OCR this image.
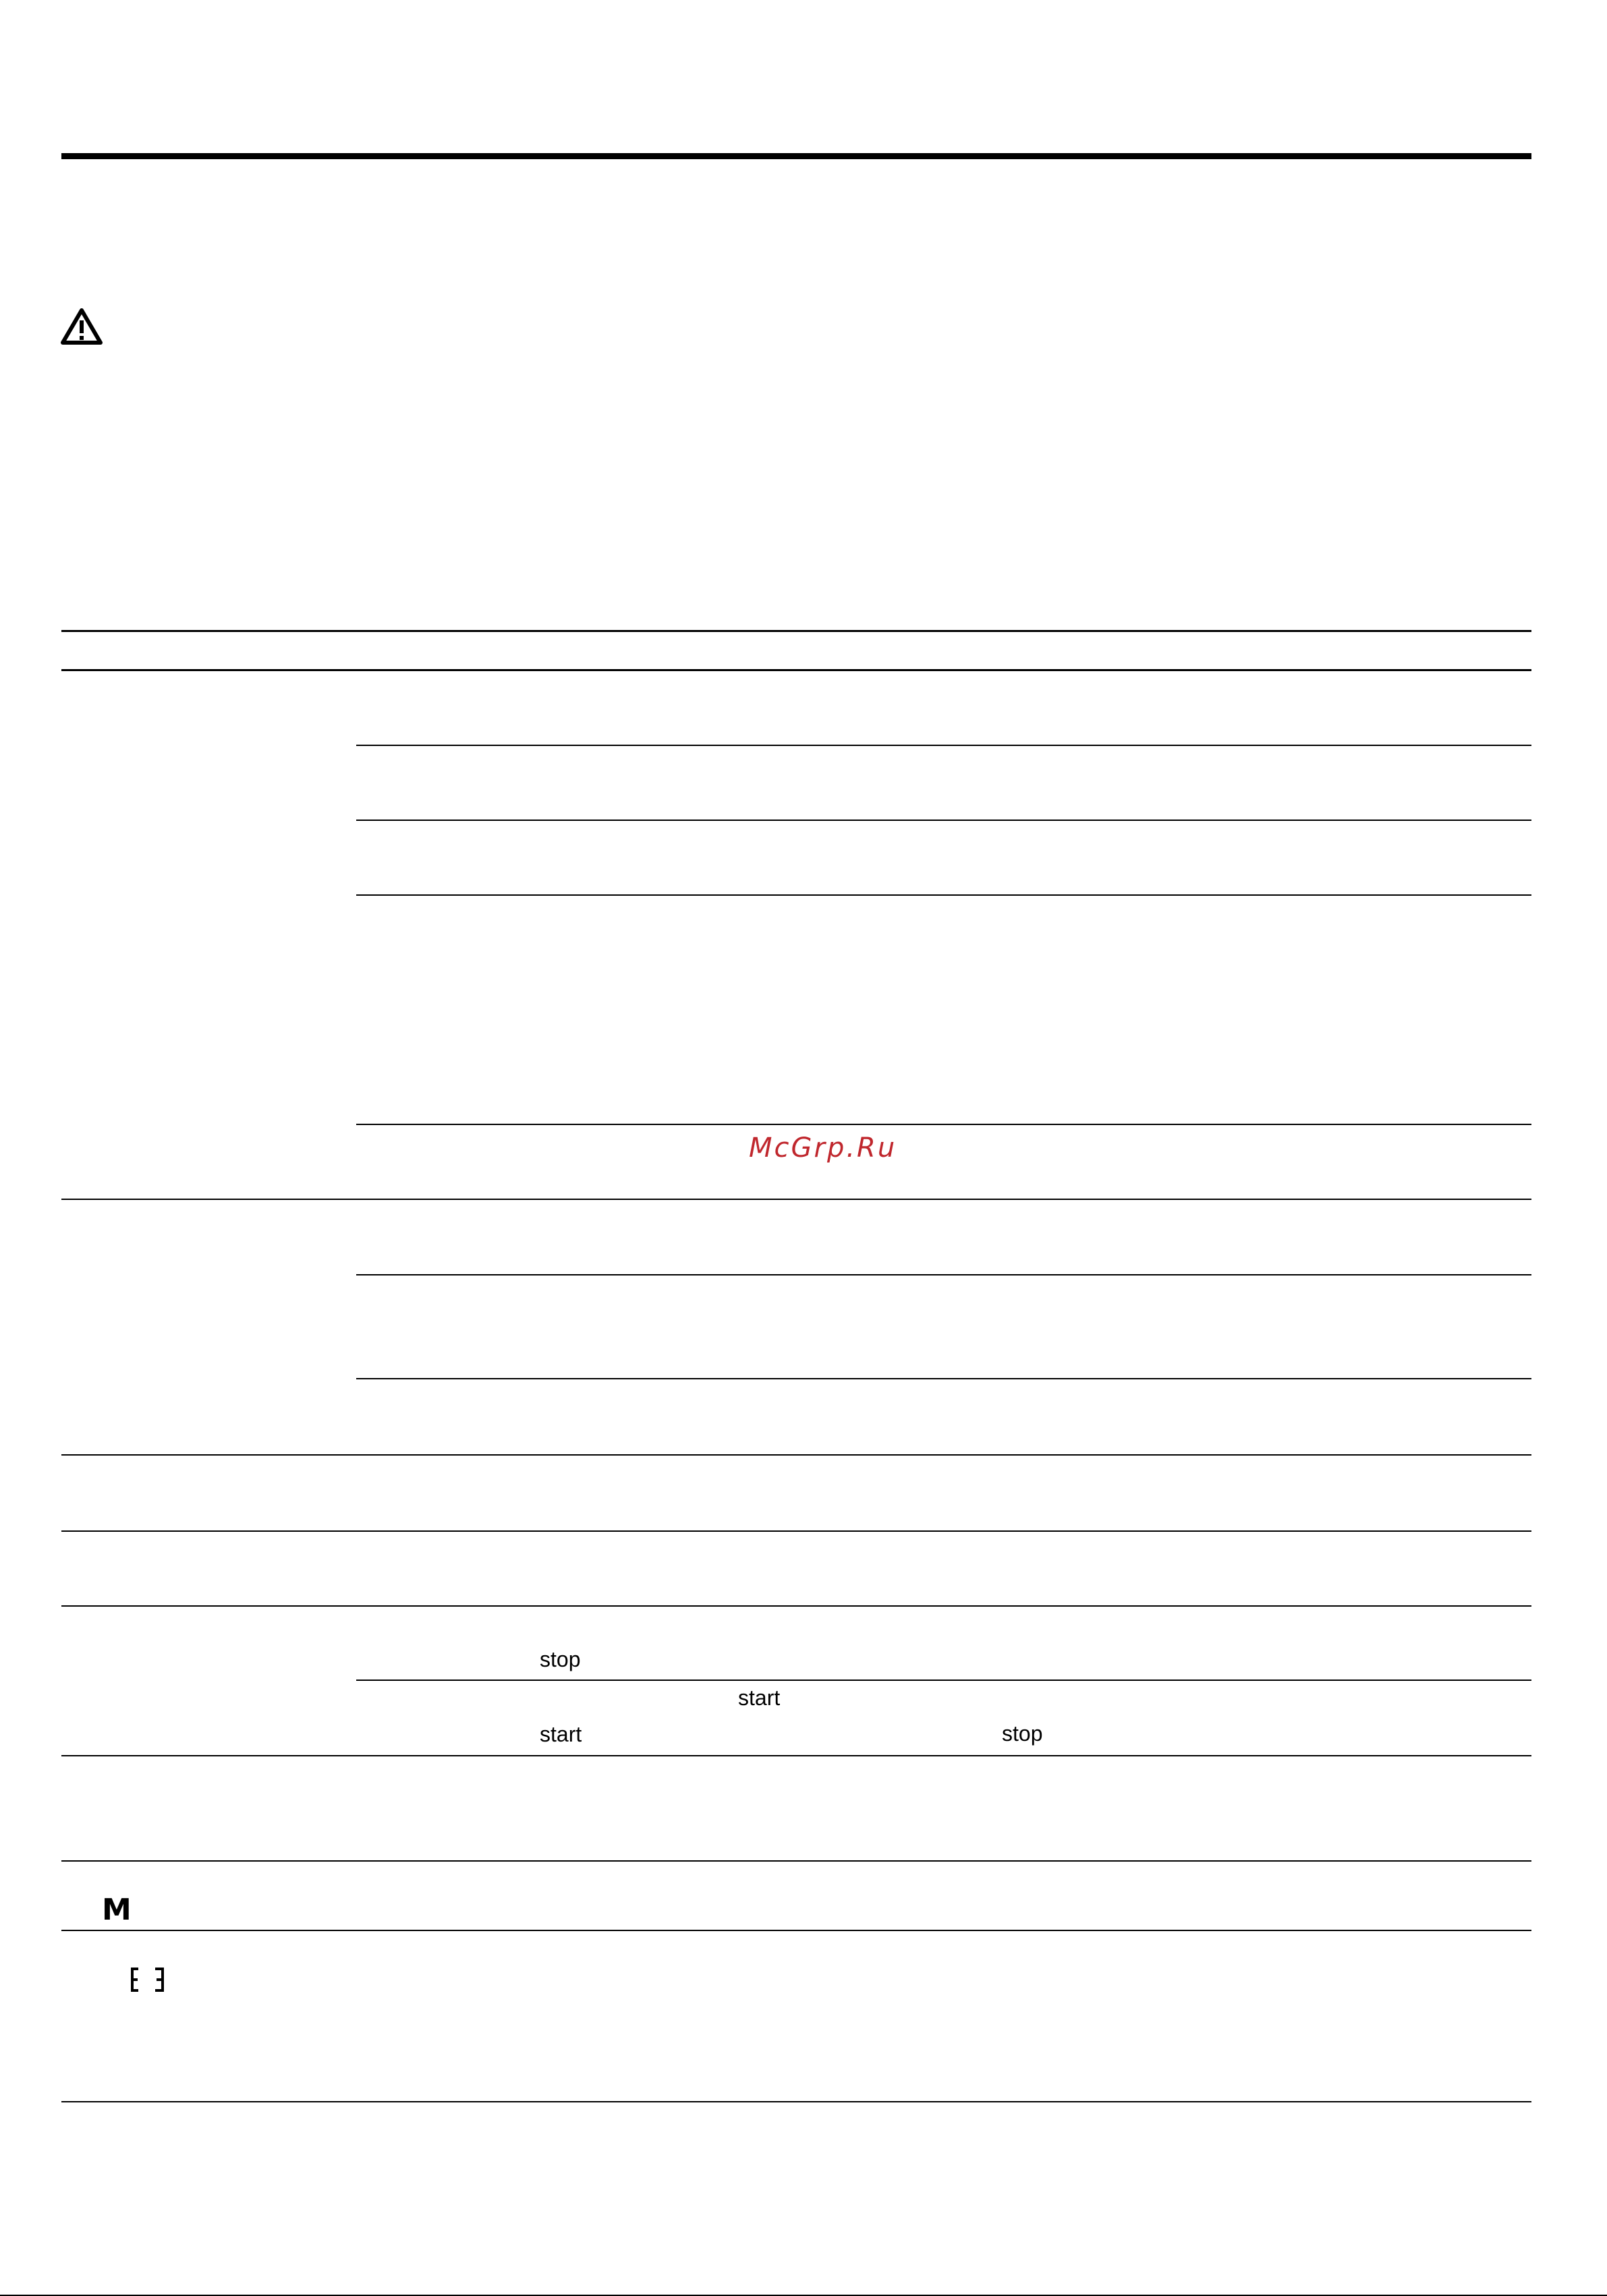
stop
start
start	stop
M
McGrp.Ru
